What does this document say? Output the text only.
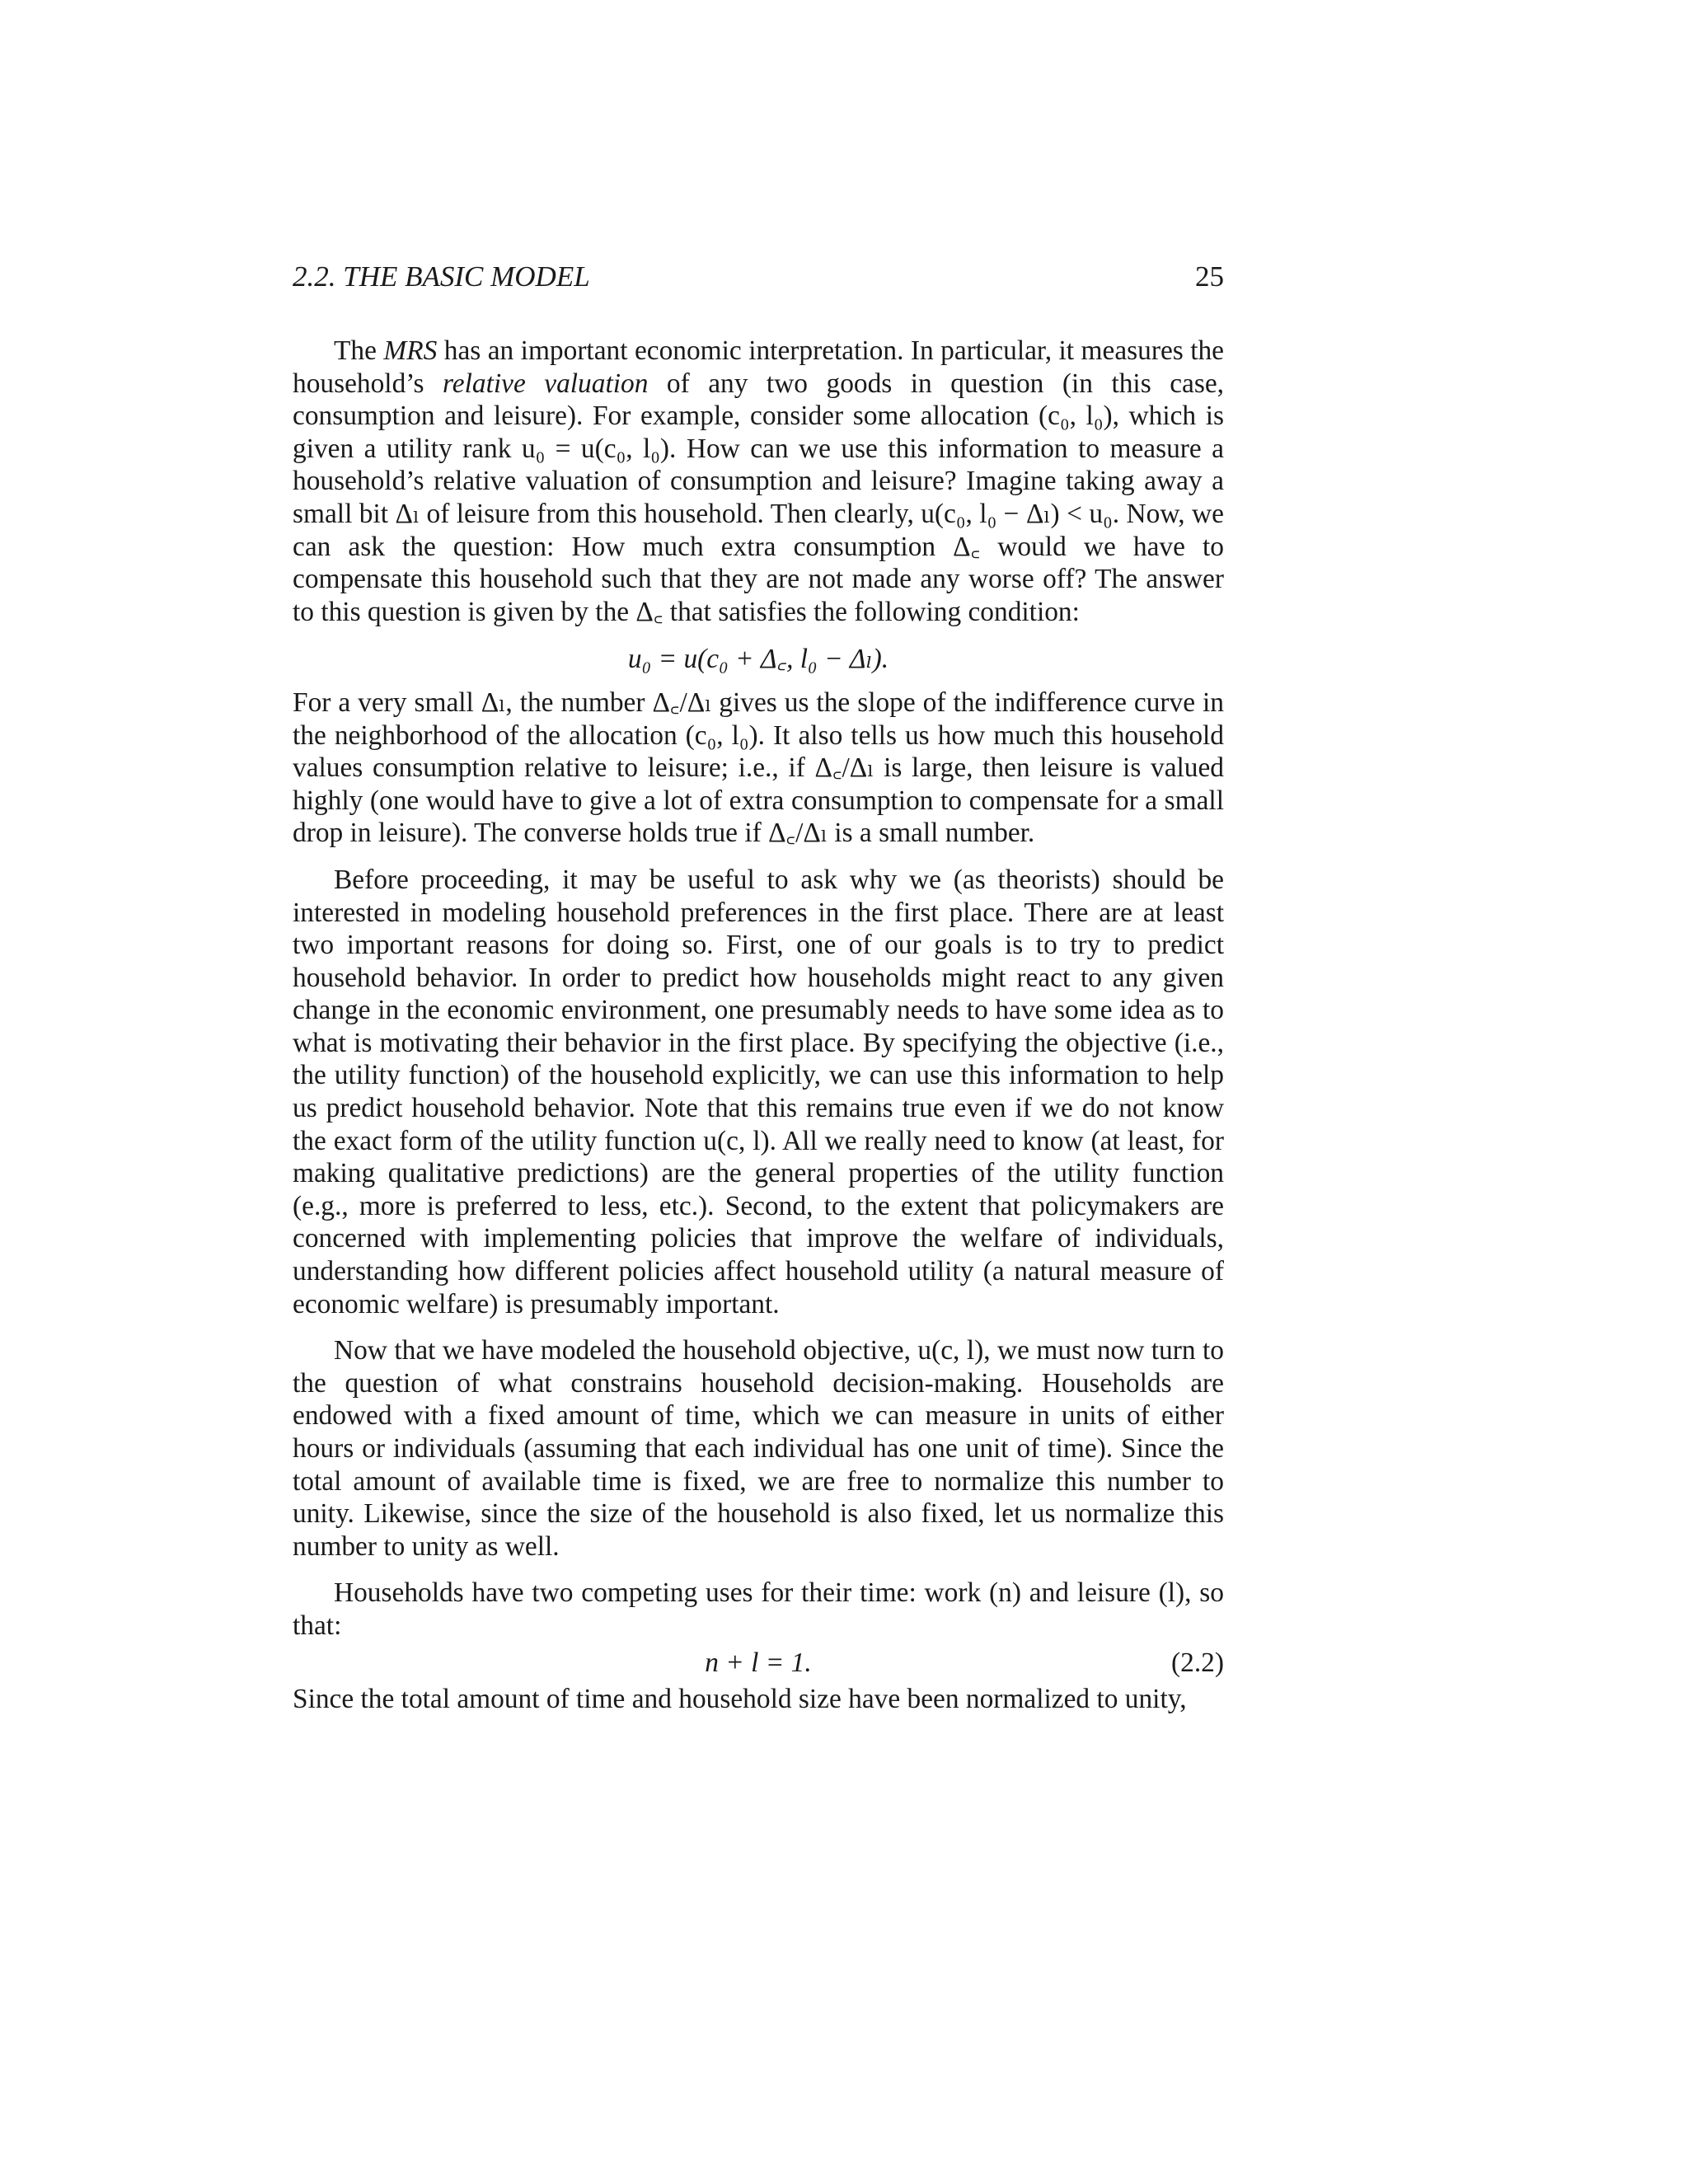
2.2. THE BASIC MODEL	25

The MRS has an important economic interpretation. In particular, it measures the household’s relative valuation of any two goods in question (in this case, consumption and leisure). For example, consider some allocation (c₀, l₀), which is given a utility rank u₀ = u(c₀, l₀). How can we use this information to measure a household’s relative valuation of consumption and leisure? Imagine taking away a small bit Δₗ of leisure from this household. Then clearly, u(c₀, l₀ − Δₗ) < u₀. Now, we can ask the question: How much extra consumption Δ꜀ would we have to compensate this household such that they are not made any worse off? The answer to this question is given by the Δ꜀ that satisfies the following condition:

u₀ = u(c₀ + Δ꜀, l₀ − Δₗ).

For a very small Δₗ, the number Δ꜀/Δₗ gives us the slope of the indifference curve in the neighborhood of the allocation (c₀, l₀). It also tells us how much this household values consumption relative to leisure; i.e., if Δ꜀/Δₗ is large, then leisure is valued highly (one would have to give a lot of extra consumption to compensate for a small drop in leisure). The converse holds true if Δ꜀/Δₗ is a small number.

Before proceeding, it may be useful to ask why we (as theorists) should be interested in modeling household preferences in the first place. There are at least two important reasons for doing so. First, one of our goals is to try to predict household behavior. In order to predict how households might react to any given change in the economic environment, one presumably needs to have some idea as to what is motivating their behavior in the first place. By specifying the objective (i.e., the utility function) of the household explicitly, we can use this information to help us predict household behavior. Note that this remains true even if we do not know the exact form of the utility function u(c, l). All we really need to know (at least, for making qualitative predictions) are the general properties of the utility function (e.g., more is preferred to less, etc.). Second, to the extent that policymakers are concerned with implementing policies that improve the welfare of individuals, understanding how different policies affect household utility (a natural measure of economic welfare) is presumably important.

Now that we have modeled the household objective, u(c, l), we must now turn to the question of what constrains household decision-making. Households are endowed with a fixed amount of time, which we can measure in units of either hours or individuals (assuming that each individual has one unit of time). Since the total amount of available time is fixed, we are free to normalize this number to unity. Likewise, since the size of the household is also fixed, let us normalize this number to unity as well.

Households have two competing uses for their time: work (n) and leisure (l), so that:

n + l = 1.	(2.2)

Since the total amount of time and household size have been normalized to unity,
